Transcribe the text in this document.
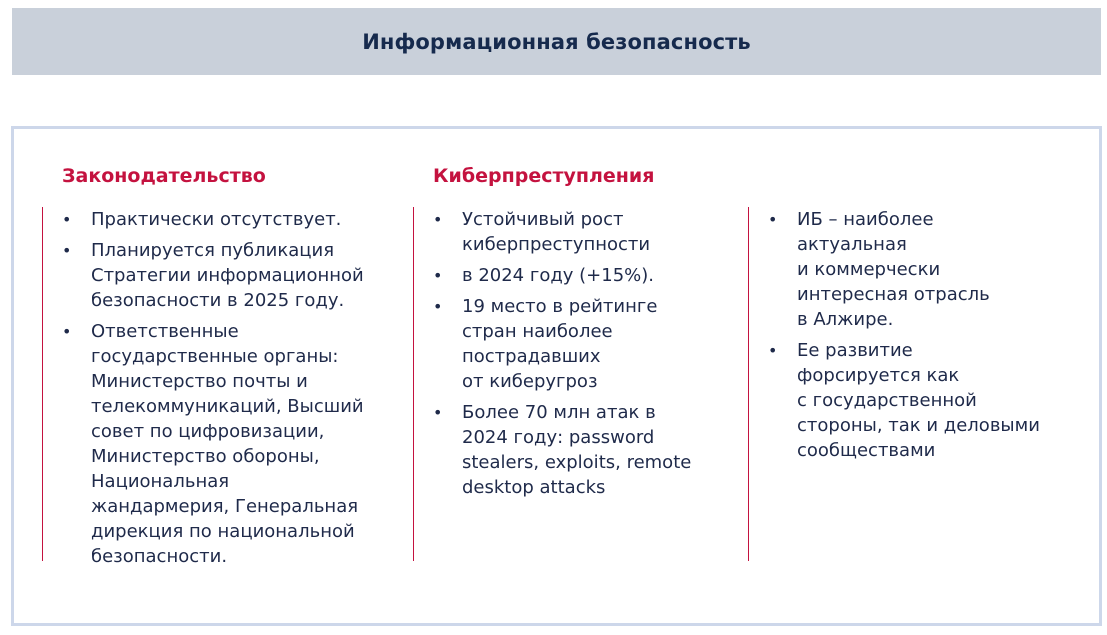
Информационная безопасность
Законодательство	Киберпреступления
•	Практически отсутствует.
•	Планируется публикация
Стратегии информационной
безопасности в 2025 году.
•	Ответственные
государственные органы:
Министерство почты и
телекоммуникаций, Высший
совет по цифровизации,
Министерство обороны,
Национальная
жандармерия, Генеральная
дирекция по национальной
безопасности.
•	Устойчивый рост
киберпреступности
•	в 2024 году (+15%).
•	19 место в рейтинге
стран наиболее
пострадавших
от киберугроз
•	Более 70 млн атак в
2024 году: password
stealers, exploits, remote
desktop attacks
•	ИБ – наиболее
актуальная
и коммерчески
интересная отрасль
в Алжире.
•	Ее развитие
форсируется как
с государственной
стороны, так и деловыми
сообществами
